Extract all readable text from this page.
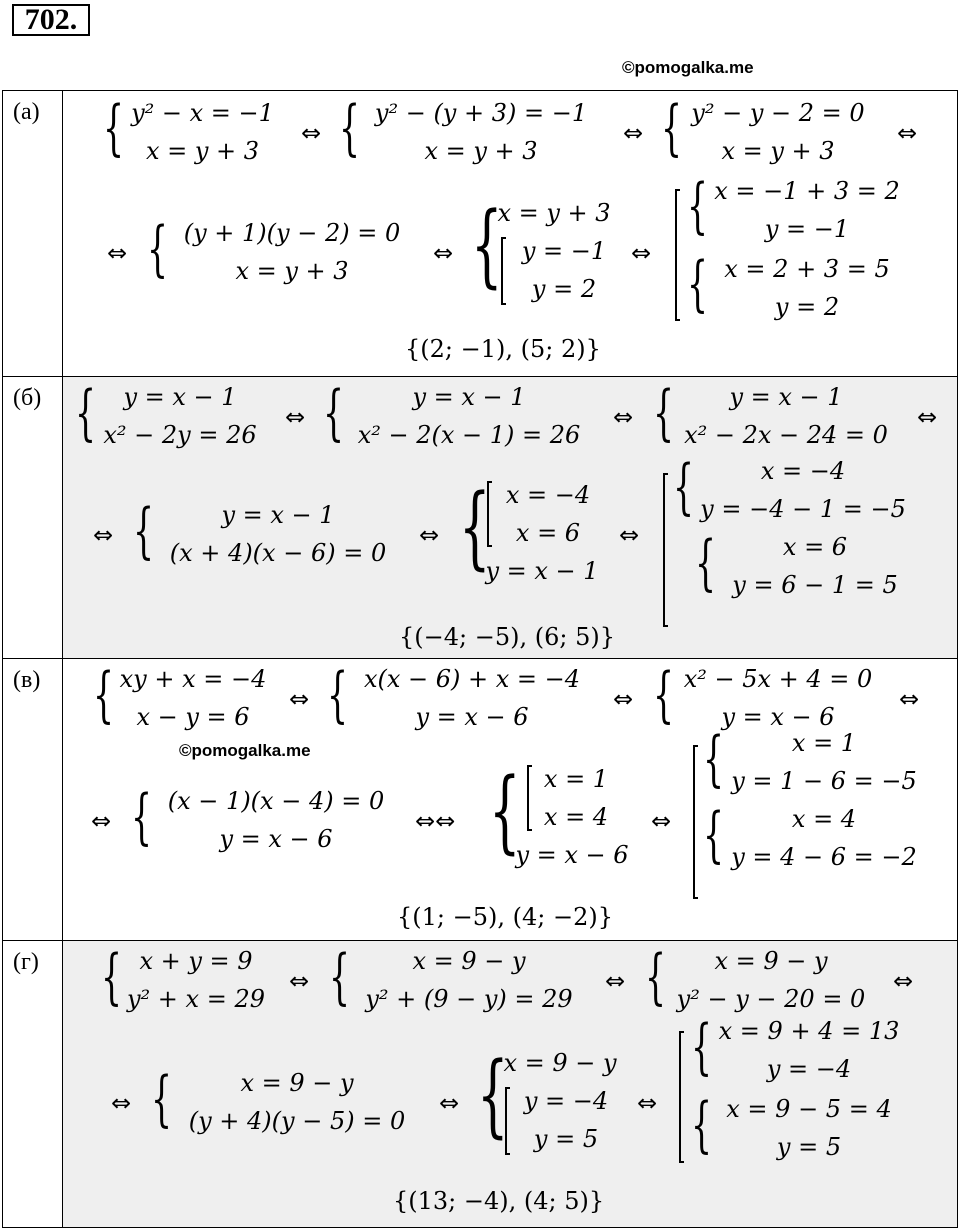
702.
©pomogalka.me
(а)	{ y² − x = −1
x = y + 3
⇔ { y² − (y + 3) = −1
x = y + 3
⇔ { y² − y − 2 = 0
x = y + 3
⇔
⇔ { (y + 1)(y − 2) = 0
x = y + 3
⇔ {
x = y + 3
y = −1
y = 2
⇔
{ x = −1 + 3 = 2
y = −1
{ x = 2 + 3 = 5
y = 2
{(2; −1), (5; 2)}
(б) {	y = x − 1
x² − 2y = 26
⇔ {	y = x − 1
x² − 2(x − 1) = 26
⇔ {	y = x − 1
x² − 2x − 24 = 0
⇔
⇔ {	y = x − 1
(x + 4)(x − 6) = 0
⇔ { x = −4
x = 6
y = x − 1
⇔
{	x = −4
y = −4 − 1 = −5
{	x = 6
y = 6 − 1 = 5
{(−4; −5), (6; 5)}
(в) { xy + x = −4
x − y = 6
⇔ { x(x − 6) + x = −4
y = x − 6
⇔ { x² − 5x + 4 = 0
y = x − 6
⇔
©pomogalka.me
⇔ { (x − 1)(x − 4) = 0
y = x − 6
⇔⇔ { x = 1
x = 4
y = x − 6
⇔
{	x = 1
y = 1 − 6 = −5
{	x = 4
y = 4 − 6 = −2
{(1; −5), (4; −2)}
(г)	{ x + y = 9
y² + x = 29
⇔ {	x = 9 − y
y² + (9 − y) = 29
⇔ {	x = 9 − y
y² − y − 20 = 0
⇔
⇔ {	x = 9 − y
(y + 4)(y − 5) = 0
⇔ {
x = 9 − y
y = −4
y = 5
⇔
{ x = 9 + 4 = 13
y = −4
{ x = 9 − 5 = 4
y = 5
{(13; −4), (4; 5)}
